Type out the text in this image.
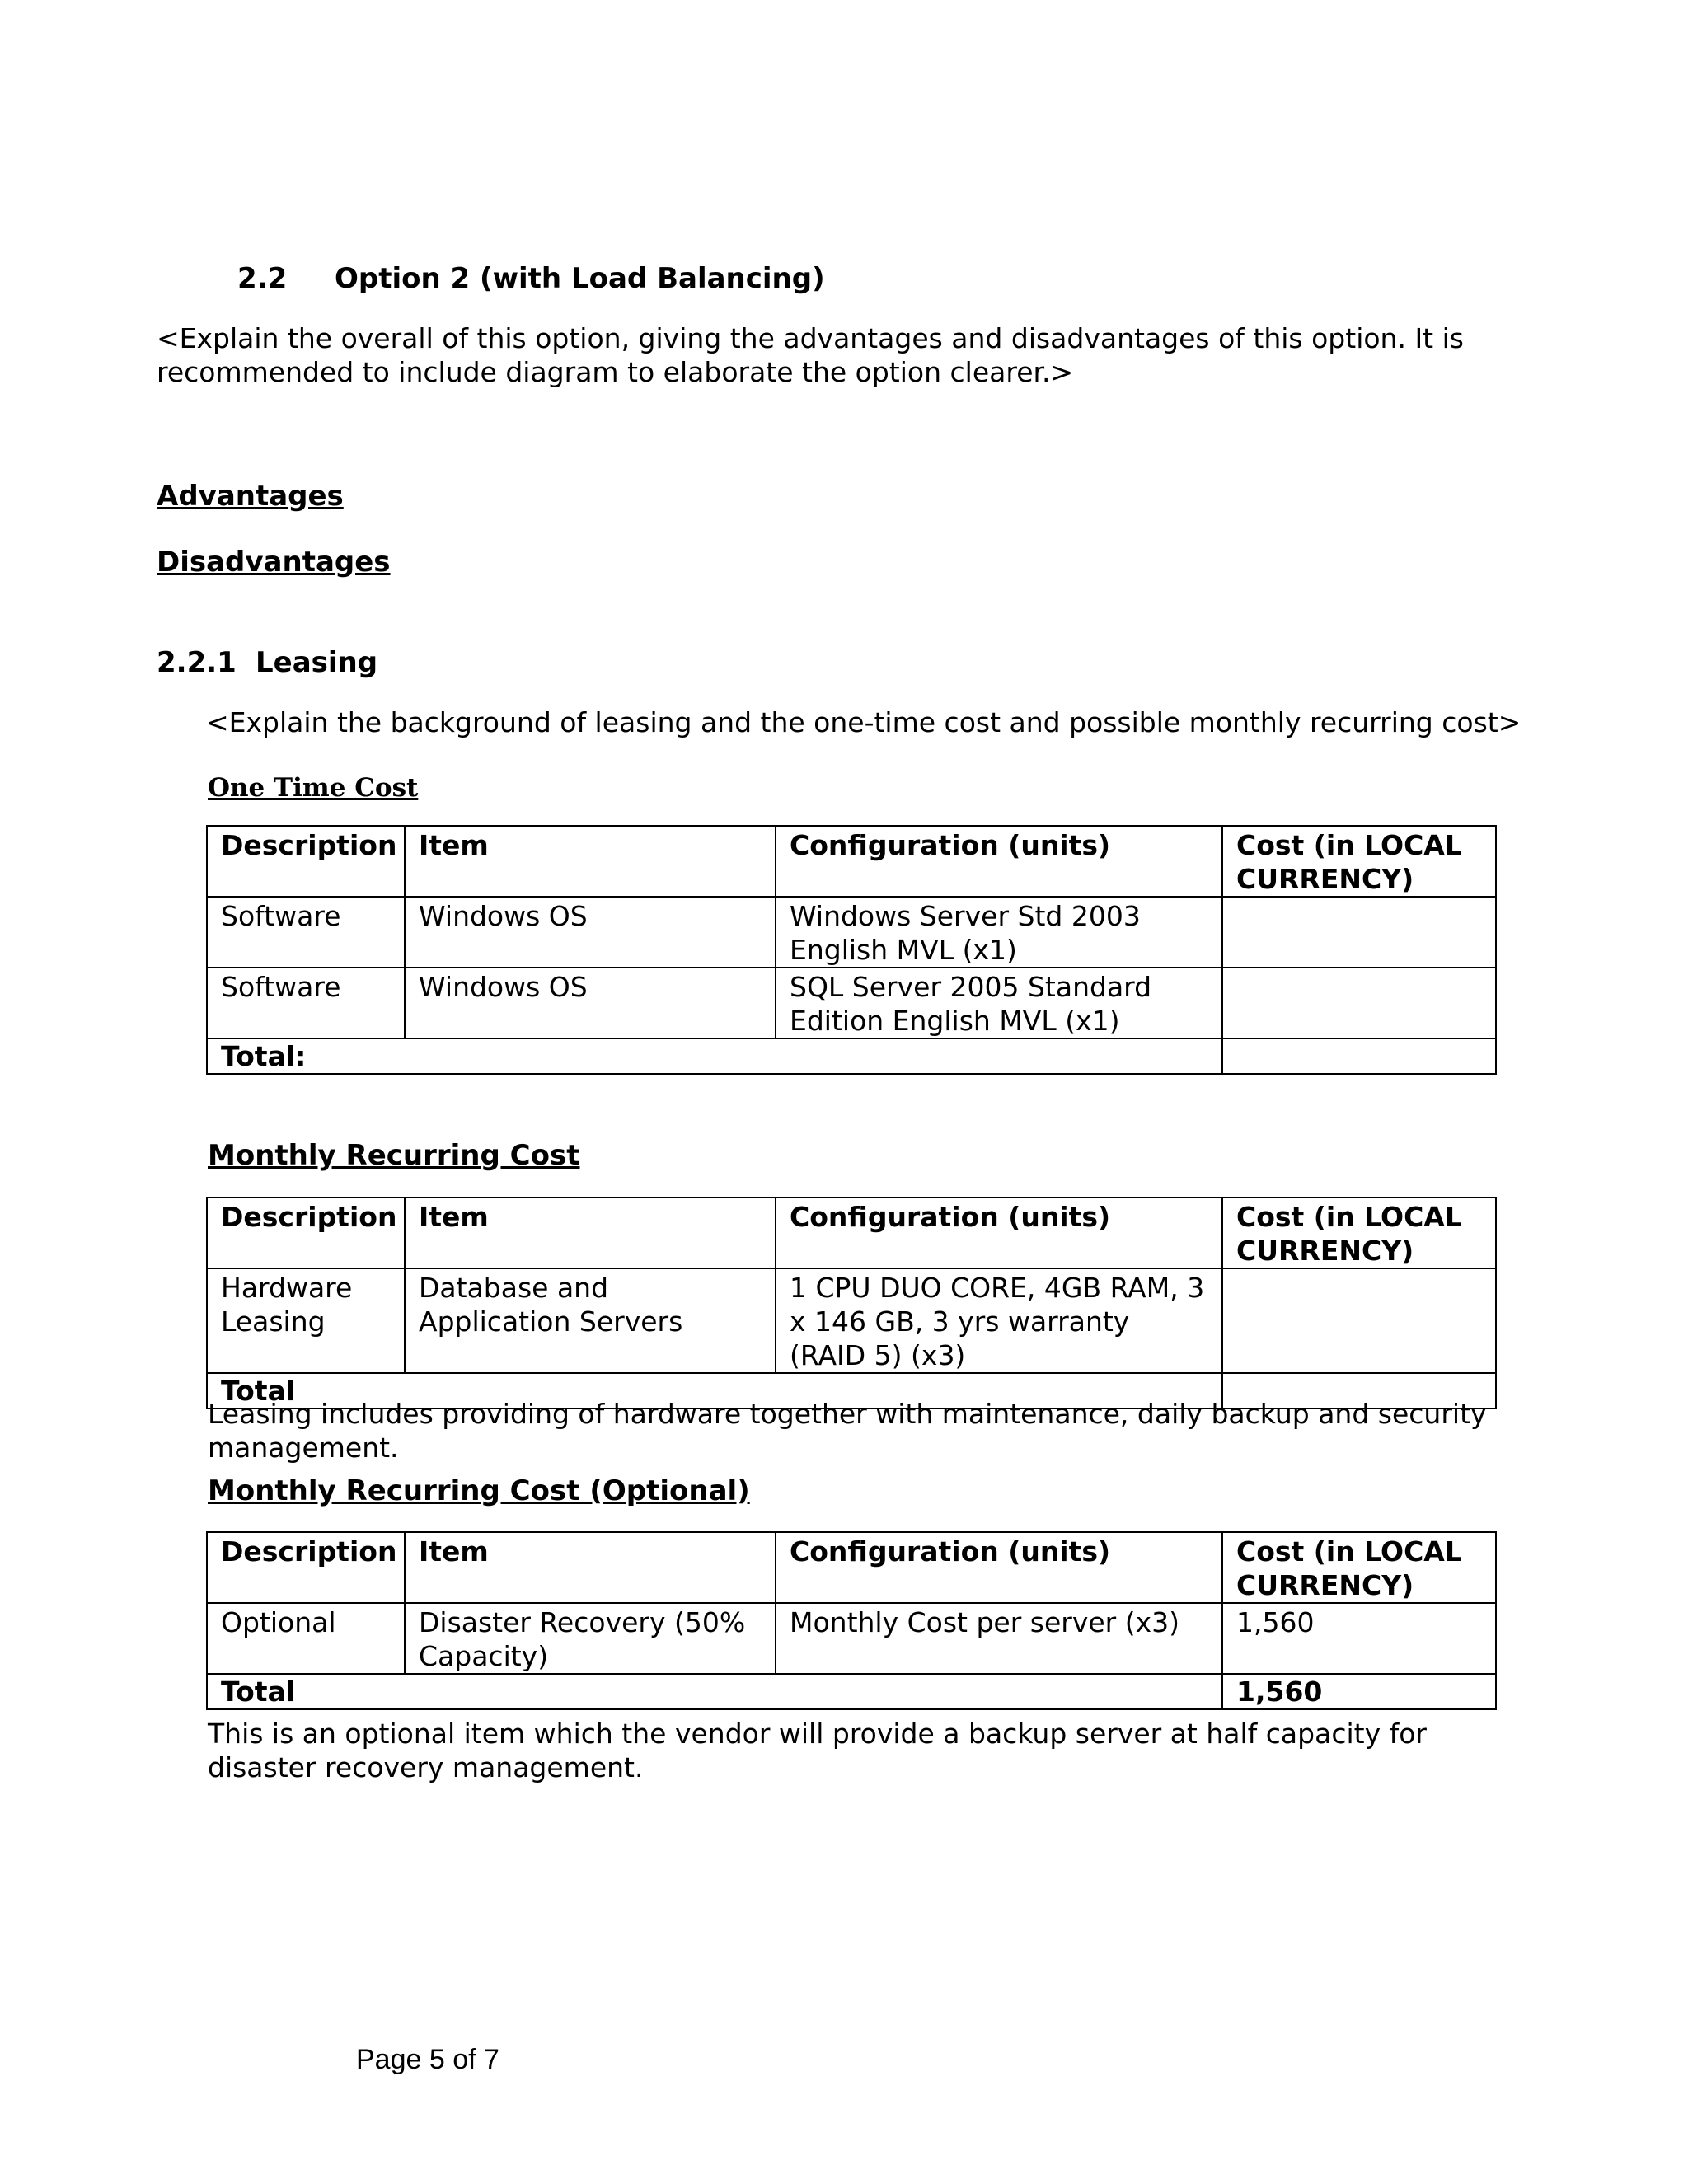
2.2 Option 2 (with Load Balancing)
<Explain the overall of this option, giving the advantages and disadvantages of this option. It is recommended to include diagram to elaborate the option clearer.>
Advantages
Disadvantages
2.2.1 Leasing
<Explain the background of leasing and the one-time cost and possible monthly recurring cost>
One Time Cost
Description	Item	Configuration (units)	Cost (in LOCAL CURRENCY)
Software	Windows OS	Windows Server Std 2003 English MVL (x1)	
Software	Windows OS	SQL Server 2005 Standard Edition English MVL (x1)	
Total:			
Monthly Recurring Cost
Description	Item	Configuration (units)	Cost (in LOCAL CURRENCY)
Hardware Leasing	Database and Application Servers	1 CPU DUO CORE, 4GB RAM, 3 x 146 GB, 3 yrs warranty (RAID 5) (x3)	
Total			
Leasing includes providing of hardware together with maintenance, daily backup and security management.
Monthly Recurring Cost (Optional)
Description	Item	Configuration (units)	Cost (in LOCAL CURRENCY)
Optional	Disaster Recovery (50% Capacity)	Monthly Cost per server (x3)	1,560
Total			1,560
This is an optional item which the vendor will provide a backup server at half capacity for disaster recovery management.
Page 5 of 7
